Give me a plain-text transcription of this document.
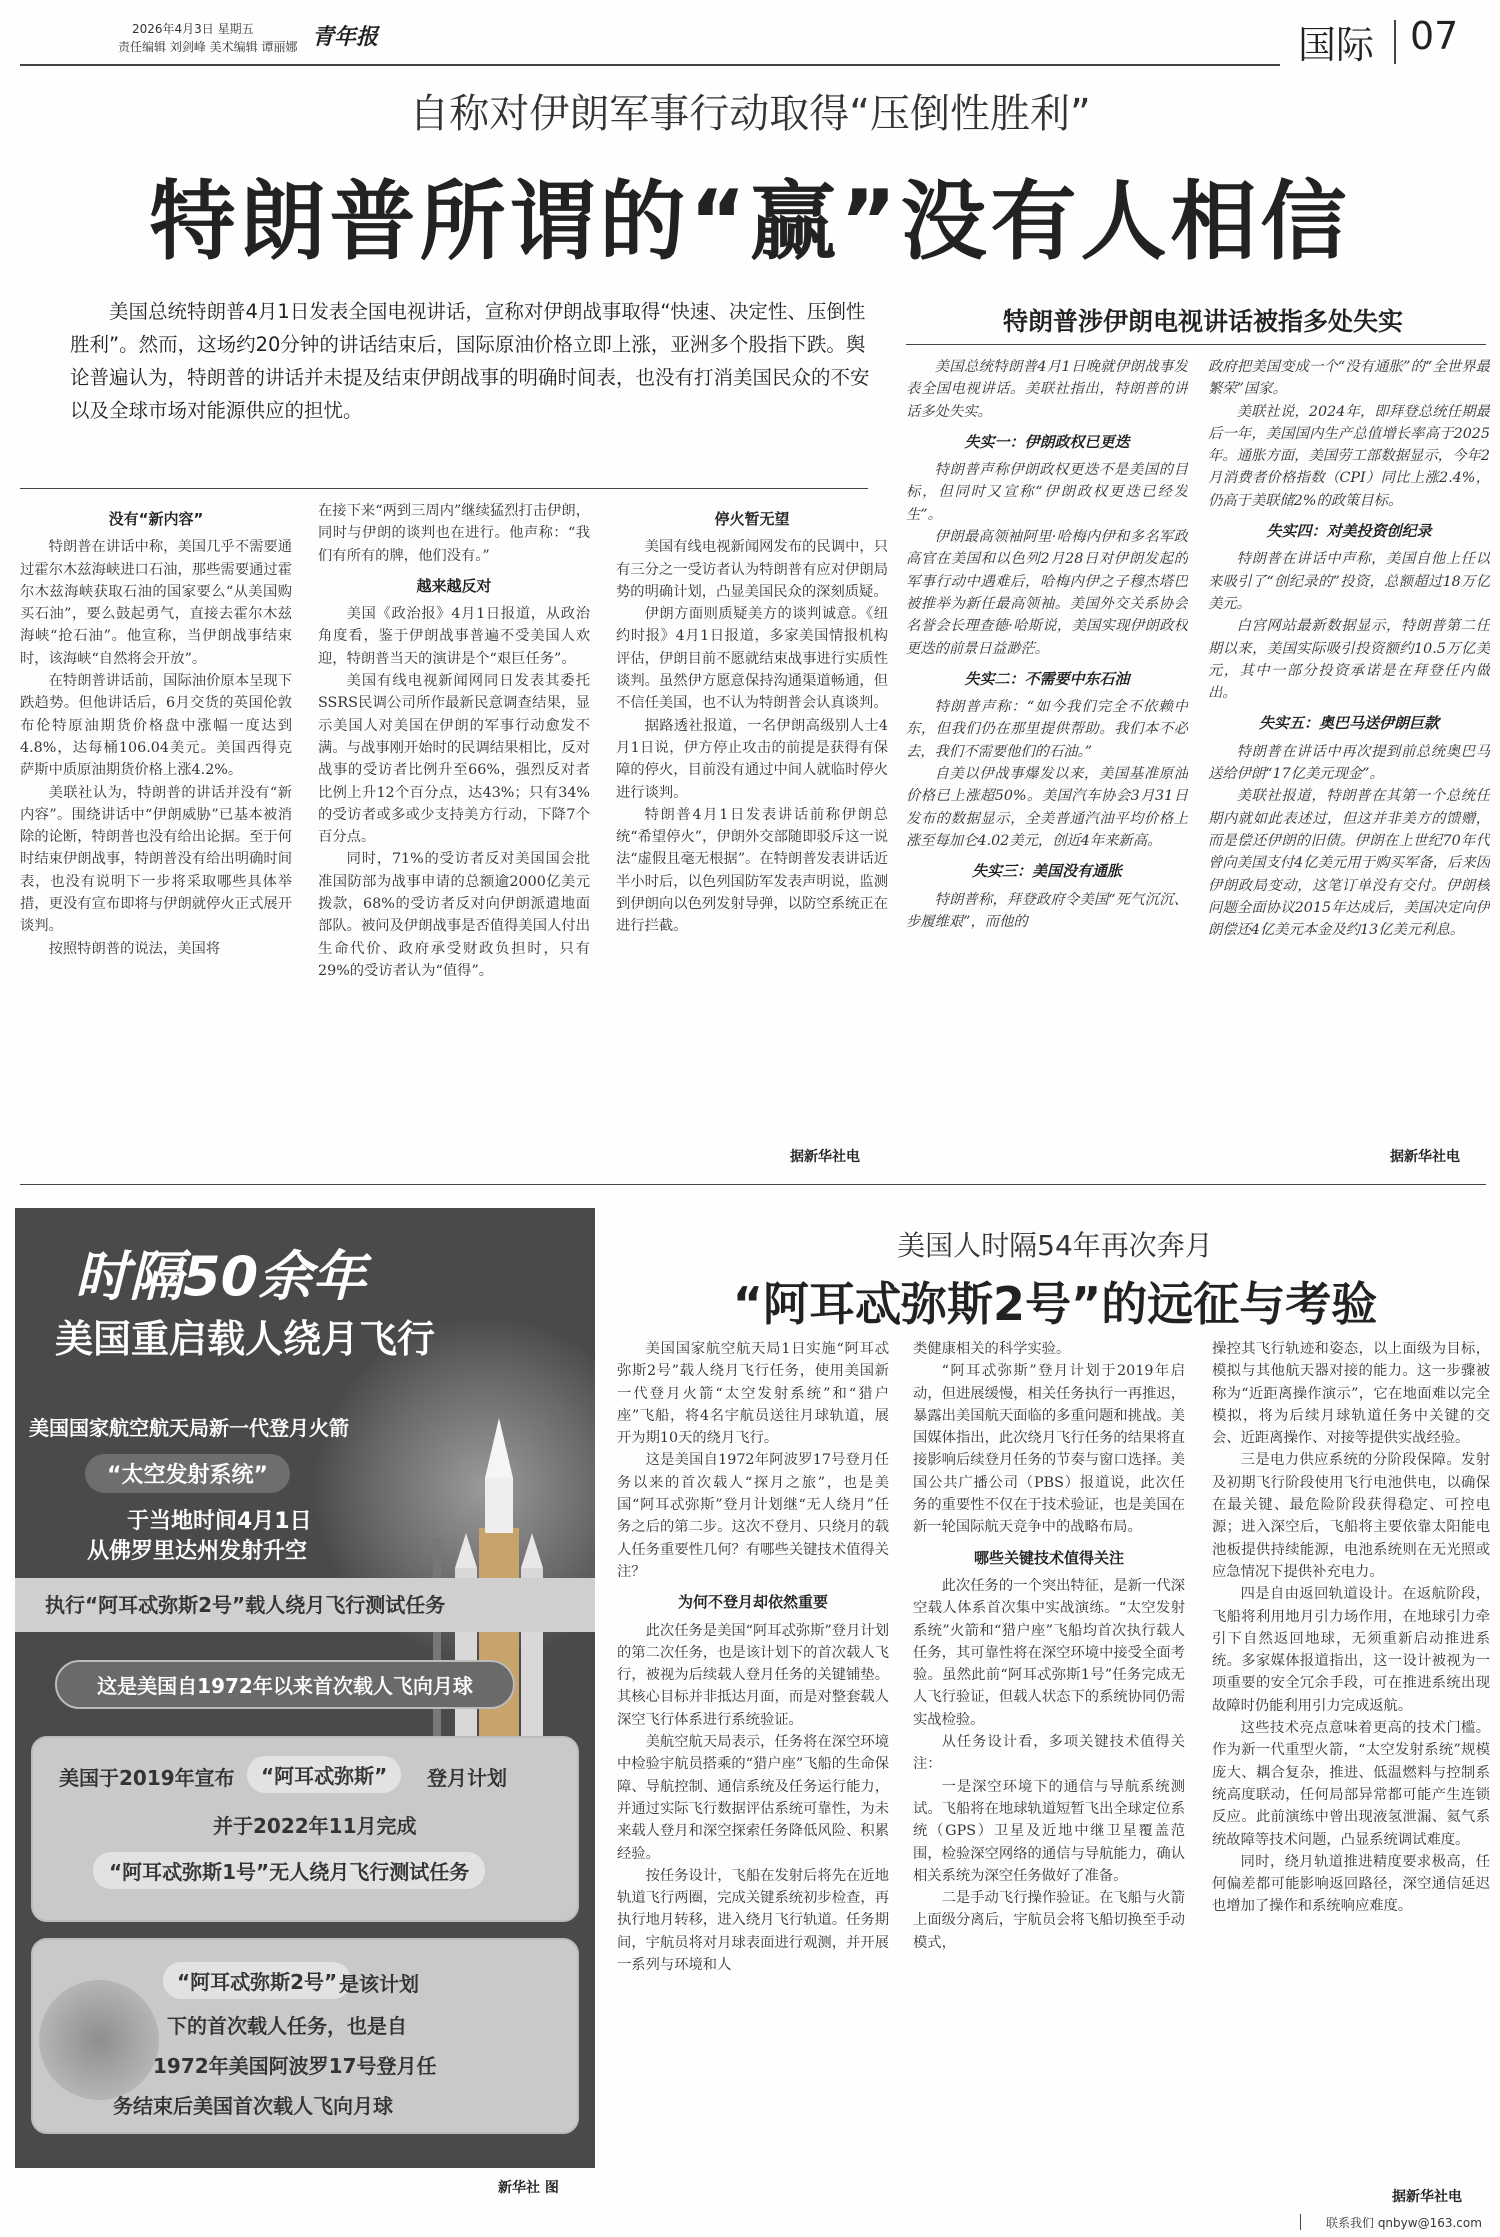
2026年4月3日 星期五
责任编辑 刘剑峰 美术编辑 谭丽娜 青年报	国际 07
自称对伊朗军事行动取得“压倒性胜利”
特朗普所谓的“赢”没有人相信
美国总统特朗普4月1日发表全国电视讲话，宣称对伊朗战事取得“快速、决定性、压倒性胜利”。然而，这场约20分钟的讲话结束后，国际原油价格立即上涨，亚洲多个股指下跌。舆论普遍认为，特朗普的讲话并未提及结束伊朗战事的明确时间表，也没有打消美国民众的不安以及全球市场对能源供应的担忧。
没有“新内容”

特朗普在讲话中称，美国几乎不需要通过霍尔木兹海峡进口石油，那些需要通过霍尔木兹海峡获取石油的国家要么“从美国购买石油”，要么鼓起勇气，直接去霍尔木兹海峡“抢石油”。他宣称，当伊朗战事结束时，该海峡“自然将会开放”。

在特朗普讲话前，国际油价原本呈现下跌趋势。但他讲话后，6月交货的英国伦敦布伦特原油期货价格盘中涨幅一度达到4.8%，达每桶106.04美元。美国西得克萨斯中质原油期货价格上涨4.2%。

美联社认为，特朗普的讲话并没有“新内容”。围绕讲话中“伊朗威胁”已基本被消除的论断，特朗普也没有给出论据。至于何时结束伊朗战事，特朗普没有给出明确时间表，也没有说明下一步将采取哪些具体举措，更没有宣布即将与伊朗就停火正式展开谈判。

按照特朗普的说法，美国将

在接下来“两到三周内”继续猛烈打击伊朗，同时与伊朗的谈判也在进行。他声称：“我们有所有的牌，他们没有。”

越来越反对

美国《政治报》4月1日报道，从政治角度看，鉴于伊朗战事普遍不受美国人欢迎，特朗普当天的演讲是个“艰巨任务”。

美国有线电视新闻网同日发表其委托SSRS民调公司所作最新民意调查结果，显示美国人对美国在伊朗的军事行动愈发不满。与战事刚开始时的民调结果相比，反对战事的受访者比例升至66%，强烈反对者比例上升12个百分点，达43%；只有34%的受访者或多或少支持美方行动，下降7个百分点。

同时，71%的受访者反对美国国会批准国防部为战事申请的总额逾2000亿美元拨款，68%的受访者反对向伊朗派遣地面部队。被问及伊朗战事是否值得美国人付出生命代价、政府承受财政负担时，只有29%的受访者认为“值得”。

停火暂无望

美国有线电视新闻网发布的民调中，只有三分之一受访者认为特朗普有应对伊朗局势的明确计划，凸显美国民众的深刻质疑。

伊朗方面则质疑美方的谈判诚意。《纽约时报》4月1日报道，多家美国情报机构评估，伊朗目前不愿就结束战事进行实质性谈判。虽然伊方愿意保持沟通渠道畅通，但不信任美国，也不认为特朗普会认真谈判。

据路透社报道，一名伊朗高级别人士4月1日说，伊方停止攻击的前提是获得有保障的停火，目前没有通过中间人就临时停火进行谈判。

特朗普4月1日发表讲话前称伊朗总统“希望停火”，伊朗外交部随即驳斥这一说法“虚假且毫无根据”。在特朗普发表讲话近半小时后，以色列国防军发表声明说，监测到伊朗向以色列发射导弹，以防空系统正在进行拦截。

据新华社电
特朗普涉伊朗电视讲话被指多处失实

美国总统特朗普4月1日晚就伊朗战事发表全国电视讲话。美联社指出，特朗普的讲话多处失实。

失实一：伊朗政权已更迭

特朗普声称伊朗政权更迭不是美国的目标，但同时又宣称“伊朗政权更迭已经发生”。

伊朗最高领袖阿里·哈梅内伊和多名军政高官在美国和以色列2月28日对伊朗发起的军事行动中遇难后，哈梅内伊之子穆杰塔巴被推举为新任最高领袖。美国外交关系协会名誉会长理查德·哈斯说，美国实现伊朗政权更迭的前景日益渺茫。

失实二：不需要中东石油

特朗普声称：“如今我们完全不依赖中东，但我们仍在那里提供帮助。我们本不必去，我们不需要他们的石油。”

自美以伊战事爆发以来，美国基准原油价格已上涨超50%。美国汽车协会3月31日发布的数据显示，全美普通汽油平均价格上涨至每加仑4.02美元，创近4年来新高。

失实三：美国没有通胀

特朗普称，拜登政府令美国“死气沉沉、步履维艰”，而他的

政府把美国变成一个“没有通胀”的“全世界最繁荣”国家。

美联社说，2024年，即拜登总统任期最后一年，美国国内生产总值增长率高于2025年。通胀方面，美国劳工部数据显示，今年2月消费者价格指数（CPI）同比上涨2.4%，仍高于美联储2%的政策目标。

失实四：对美投资创纪录

特朗普在讲话中声称，美国自他上任以来吸引了“创纪录的”投资，总额超过18万亿美元。

白宫网站最新数据显示，特朗普第二任期以来，美国实际吸引投资额约10.5万亿美元，其中一部分投资承诺是在拜登任内做出。

失实五：奥巴马送伊朗巨款

特朗普在讲话中再次提到前总统奥巴马送给伊朗“17亿美元现金”。

美联社报道，特朗普在其第一个总统任期内就如此表述过，但这并非美方的馈赠，而是偿还伊朗的旧债。伊朗在上世纪70年代曾向美国支付4亿美元用于购买军备，后来因伊朗政局变动，这笔订单没有交付。伊朗核问题全面协议2015年达成后，美国决定向伊朗偿还4亿美元本金及约13亿美元利息。

据新华社电
时隔50余年
美国重启载人绕月飞行
美国国家航空航天局新一代登月火箭
“太空发射系统”
于当地时间4月1日
从佛罗里达州发射升空
执行“阿耳忒弥斯2号”载人绕月飞行测试任务
这是美国自1972年以来首次载人飞向月球
美国于2019年宣布	“阿耳忒弥斯”	登月计划
并于2022年11月完成
“阿耳忒弥斯1号”无人绕月飞行测试任务
“阿耳忒弥斯2号” 是该计划
下的首次载人任务，也是自
1972年美国阿波罗17号登月任
务结束后美国首次载人飞向月球
新华社 图
美国人时隔54年再次奔月
“阿耳忒弥斯2号”的远征与考验

美国国家航空航天局1日实施“阿耳忒弥斯2号”载人绕月飞行任务，使用美国新一代登月火箭“太空发射系统”和“猎户座”飞船，将4名宇航员送往月球轨道，展开为期10天的绕月飞行。

这是美国自1972年阿波罗17号登月任务以来的首次载人“探月之旅”，也是美国“阿耳忒弥斯”登月计划继“无人绕月”任务之后的第二步。这次不登月、只绕月的载人任务重要性几何？有哪些关键技术值得关注？

为何不登月却依然重要

此次任务是美国“阿耳忒弥斯”登月计划的第二次任务，也是该计划下的首次载人飞行，被视为后续载人登月任务的关键铺垫。其核心目标并非抵达月面，而是对整套载人深空飞行体系进行系统验证。

美航空航天局表示，任务将在深空环境中检验宇航员搭乘的“猎户座”飞船的生命保障、导航控制、通信系统及任务运行能力，并通过实际飞行数据评估系统可靠性，为未来载人登月和深空探索任务降低风险、积累经验。

按任务设计，飞船在发射后将先在近地轨道飞行两圈，完成关键系统初步检查，再执行地月转移，进入绕月飞行轨道。任务期间，宇航员将对月球表面进行观测，并开展一系列与环境和人

类健康相关的科学实验。

“阿耳忒弥斯”登月计划于2019年启动，但进展缓慢，相关任务执行一再推迟，暴露出美国航天面临的多重问题和挑战。美国媒体指出，此次绕月飞行任务的结果将直接影响后续登月任务的节奏与窗口选择。美国公共广播公司（PBS）报道说，此次任务的重要性不仅在于技术验证，也是美国在新一轮国际航天竞争中的战略布局。

哪些关键技术值得关注

此次任务的一个突出特征，是新一代深空载人体系首次集中实战演练。“太空发射系统”火箭和“猎户座”飞船均首次执行载人任务，其可靠性将在深空环境中接受全面考验。虽然此前“阿耳忒弥斯1号”任务完成无人飞行验证，但载人状态下的系统协同仍需实战检验。

从任务设计看，多项关键技术值得关注：

一是深空环境下的通信与导航系统测试。飞船将在地球轨道短暂飞出全球定位系统（GPS）卫星及近地中继卫星覆盖范围，检验深空网络的通信与导航能力，确认相关系统为深空任务做好了准备。

二是手动飞行操作验证。在飞船与火箭上面级分离后，宇航员会将飞船切换至手动模式，

操控其飞行轨迹和姿态，以上面级为目标，模拟与其他航天器对接的能力。这一步骤被称为“近距离操作演示”，它在地面难以完全模拟，将为后续月球轨道任务中关键的交会、近距离操作、对接等提供实战经验。

三是电力供应系统的分阶段保障。发射及初期飞行阶段使用飞行电池供电，以确保在最关键、最危险阶段获得稳定、可控电源；进入深空后，飞船将主要依靠太阳能电池板提供持续能源，电池系统则在无光照或应急情况下提供补充电力。

四是自由返回轨道设计。在返航阶段，飞船将利用地月引力场作用，在地球引力牵引下自然返回地球，无须重新启动推进系统。多家媒体报道指出，这一设计被视为一项重要的安全冗余手段，可在推进系统出现故障时仍能利用引力完成返航。

这些技术亮点意味着更高的技术门槛。作为新一代重型火箭，“太空发射系统”规模庞大、耦合复杂，推进、低温燃料与控制系统高度联动，任何局部异常都可能产生连锁反应。此前演练中曾出现液氢泄漏、氦气系统故障等技术问题，凸显系统调试难度。

同时，绕月轨道推进精度要求极高，任何偏差都可能影响返回路径，深空通信延迟也增加了操作和系统响应难度。

据新华社电
联系我们 qnbyw@163.com
